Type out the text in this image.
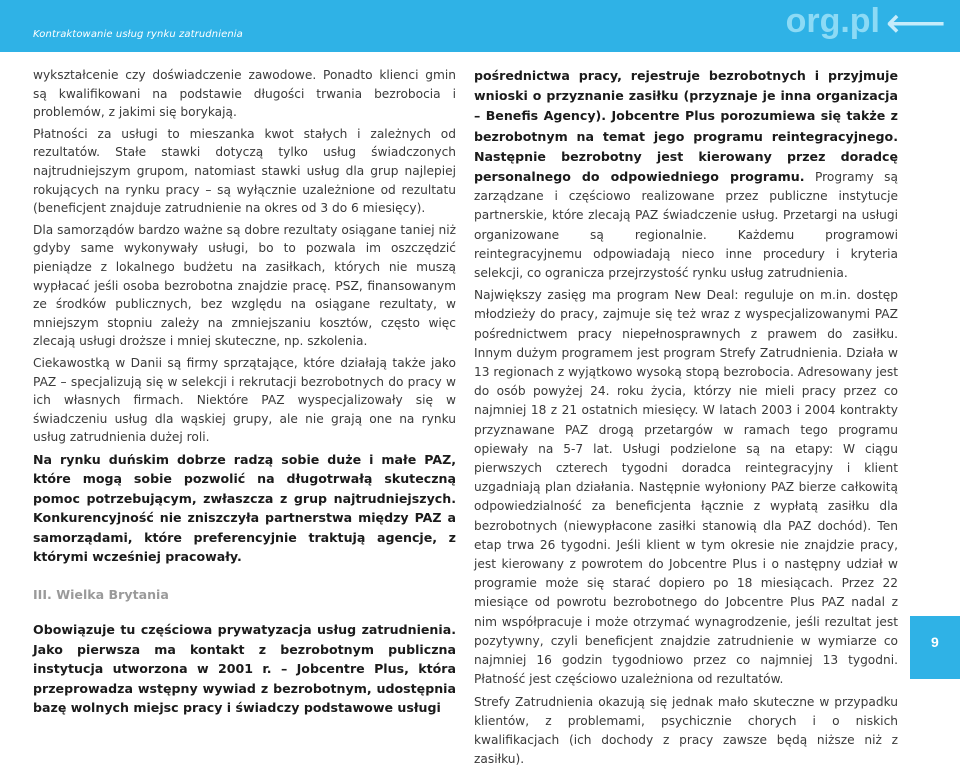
Kontraktowanie usług rynku zatrudnienia	org.pl ⟵

wykształcenie czy doświadczenie zawodowe. Ponadto klienci gmin są kwalifikowani na podstawie długości trwania bezrobocia i problemów, z jakimi się borykają.

Płatności za usługi to mieszanka kwot stałych i zależnych od rezultatów. Stałe stawki dotyczą tylko usług świadczonych najtrudniejszym grupom, natomiast stawki usług dla grup najlepiej rokujących na rynku pracy – są wyłącznie uzależnione od rezultatu (beneficjent znajduje zatrudnienie na okres od 3 do 6 miesięcy).

Dla samorządów bardzo ważne są dobre rezultaty osiągane taniej niż gdyby same wykonywały usługi, bo to pozwala im oszczędzić pieniądze z lokalnego budżetu na zasiłkach, których nie muszą wypłacać jeśli osoba bezrobotna znajdzie pracę. PSZ, finansowanym ze środków publicznych, bez względu na osiągane rezultaty, w mniejszym stopniu zależy na zmniejszaniu kosztów, często więc zlecają usługi droższe i mniej skuteczne, np. szkolenia.

Ciekawostką w Danii są firmy sprzątające, które działają także jako PAZ – specjalizują się w selekcji i rekrutacji bezrobotnych do pracy w ich własnych firmach. Niektóre PAZ wyspecjalizowały się w świadczeniu usług dla wąskiej grupy, ale nie grają one na rynku usług zatrudnienia dużej roli.

Na rynku duńskim dobrze radzą sobie duże i małe PAZ, które mogą sobie pozwolić na długotrwałą skuteczną pomoc potrzebującym, zwłaszcza z grup najtrudniejszych. Konkurencyjność nie zniszczyła partnerstwa między PAZ a samorządami, które preferencyjnie traktują agencje, z którymi wcześniej pracowały.

III. Wielka Brytania

Obowiązuje tu częściowa prywatyzacja usług zatrudnienia. Jako pierwsza ma kontakt z bezrobotnym publiczna instytucja utworzona w 2001 r. – Jobcentre Plus, która przeprowadza wstępny wywiad z bezrobotnym, udostępnia bazę wolnych miejsc pracy i świadczy podstawowe usługi

pośrednictwa pracy, rejestruje bezrobotnych i przyjmuje wnioski o przyznanie zasiłku (przyznaje je inna organizacja – Benefis Agency). Jobcentre Plus porozumiewa się także z bezrobotnym na temat jego programu reintegracyjnego. Następnie bezrobotny jest kierowany przez doradcę personalnego do odpowiedniego programu. Programy są zarządzane i częściowo realizowane przez publiczne instytucje partnerskie, które zlecają PAZ świadczenie usług. Przetargi na usługi organizowane są regionalnie. Każdemu programowi reintegracyjnemu odpowiadają nieco inne procedury i kryteria selekcji, co ogranicza przejrzystość rynku usług zatrudnienia.

Największy zasięg ma program New Deal: reguluje on m.in. dostęp młodzieży do pracy, zajmuje się też wraz z wyspecjalizowanymi PAZ pośrednictwem pracy niepełnosprawnych z prawem do zasiłku. Innym dużym programem jest program Strefy Zatrudnienia. Działa w 13 regionach z wyjątkowo wysoką stopą bezrobocia. Adresowany jest do osób powyżej 24. roku życia, którzy nie mieli pracy przez co najmniej 18 z 21 ostatnich miesięcy. W latach 2003 i 2004 kontrakty przyznawane PAZ drogą przetargów w ramach tego programu opiewały na 5-7 lat. Usługi podzielone są na etapy: W ciągu pierwszych czterech tygodni doradca reintegracyjny i klient uzgadniają plan działania. Następnie wyłoniony PAZ bierze całkowitą odpowiedzialność za beneficjenta łącznie z wypłatą zasiłku dla bezrobotnych (niewypłacone zasiłki stanowią dla PAZ dochód). Ten etap trwa 26 tygodni. Jeśli klient w tym okresie nie znajdzie pracy, jest kierowany z powrotem do Jobcentre Plus i o następny udział w programie może się starać dopiero po 18 miesiącach. Przez 22 miesiące od powrotu bezrobotnego do Jobcentre Plus PAZ nadal z nim współpracuje i może otrzymać wynagrodzenie, jeśli rezultat jest pozytywny, czyli beneficjent znajdzie zatrudnienie w wymiarze co najmniej 16 godzin tygodniowo przez co najmniej 13 tygodni. Płatność jest częściowo uzależniona od rezultatów.

Strefy Zatrudnienia okazują się jednak mało skuteczne w przypadku klientów, z problemami, psychicznie chorych i o niskich kwalifikacjach (ich dochody z pracy zawsze będą niższe niż z zasiłku).

9
